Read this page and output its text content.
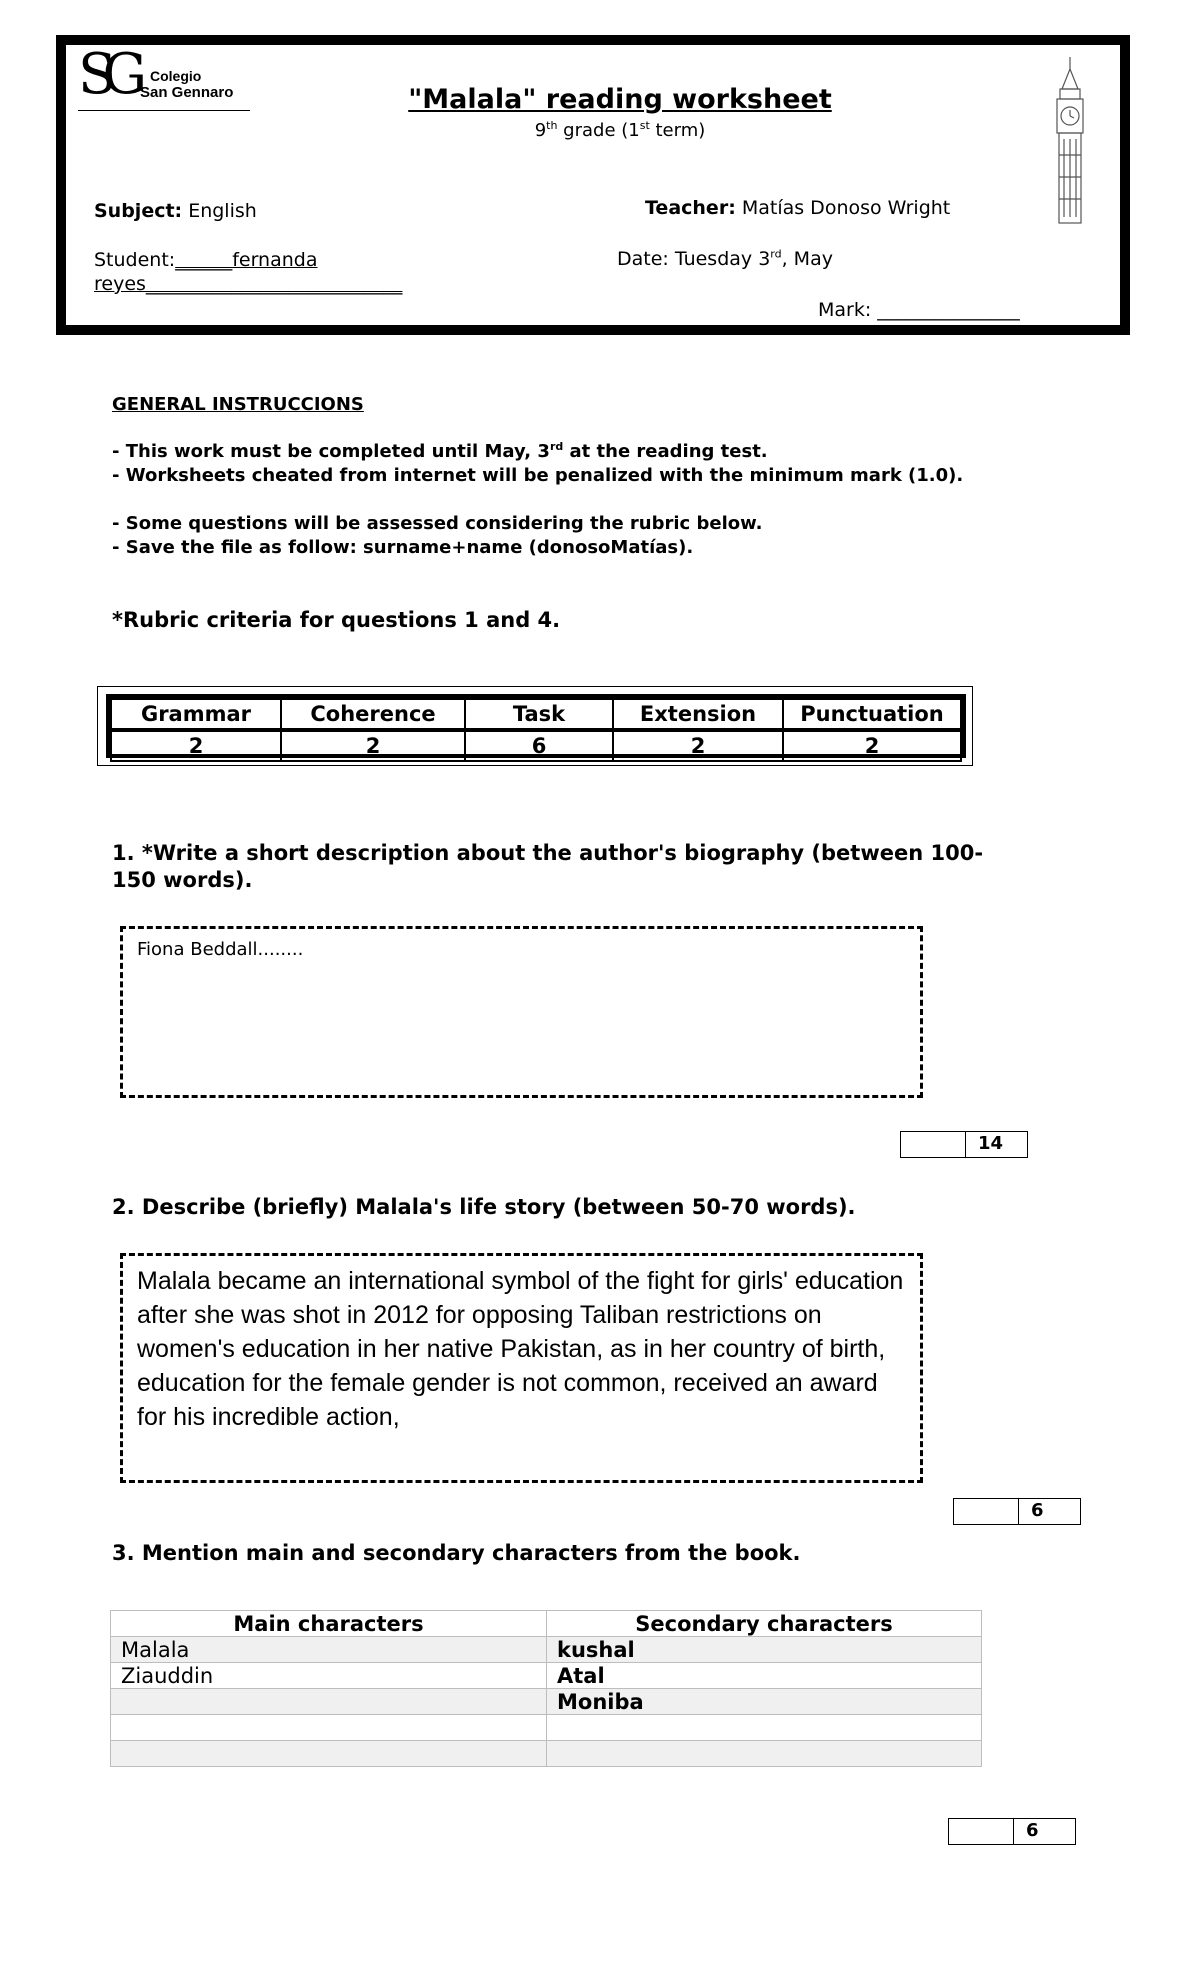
SG Colegio
San Gennaro	"Malala" reading worksheet
9th grade (1st term)
Subject: English	Teacher: Matías Donoso Wright
Student:______fernanda reyes___________________________
Date: Tuesday 3rd, May
Mark: _______________
GENERAL INSTRUCCIONS
- This work must be completed until May, 3rd at the reading test.
- Worksheets cheated from internet will be penalized with the minimum mark (1.0).
- Some questions will be assessed considering the rubric below.
- Save the file as follow: surname+name (donosoMatías).
*Rubric criteria for questions 1 and 4.
Grammar	Coherence	Task	Extension	Punctuation
2	2	6	2	2
1. *Write a short description about the author's biography (between 100-150 words).
Fiona Beddall........
14
2. Describe (briefly) Malala's life story (between 50-70 words).
Malala became an international symbol of the fight for girls' education after she was shot in 2012 for opposing Taliban restrictions on women's education in her native Pakistan, as in her country of birth, education for the female gender is not common, received an award for his incredible action,
6
3. Mention main and secondary characters from the book.
Main characters	Secondary characters
Malala	kushal
Ziauddin	Atal
	Moniba

6
